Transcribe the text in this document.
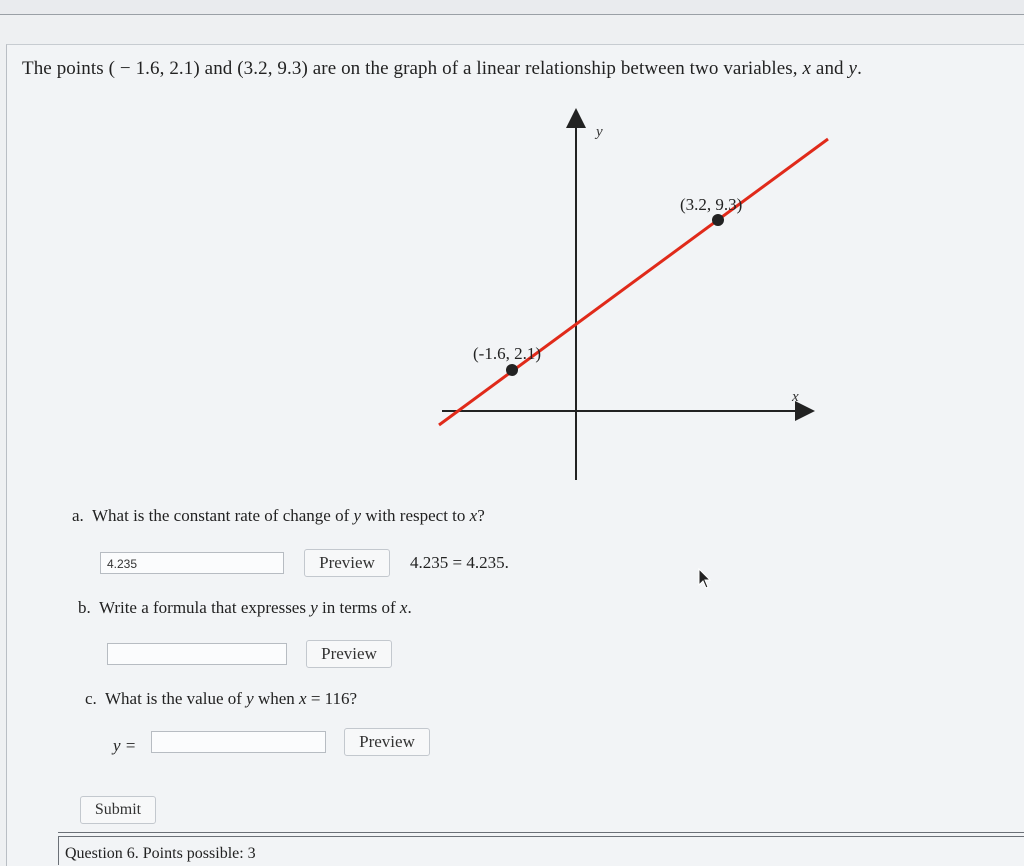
The points ( − 1.6, 2.1) and (3.2, 9.3) are on the graph of a linear relationship between two variables, x and y.
y
x
(-1.6, 2.1)
(3.2, 9.3)
a. What is the constant rate of change of y with respect to x?
4.235	Preview	4.235 = 4.235.
b. Write a formula that expresses y in terms of x.
Preview
c. What is the value of y when x = 116?
y =	Preview
Submit
Question 6. Points possible: 3
